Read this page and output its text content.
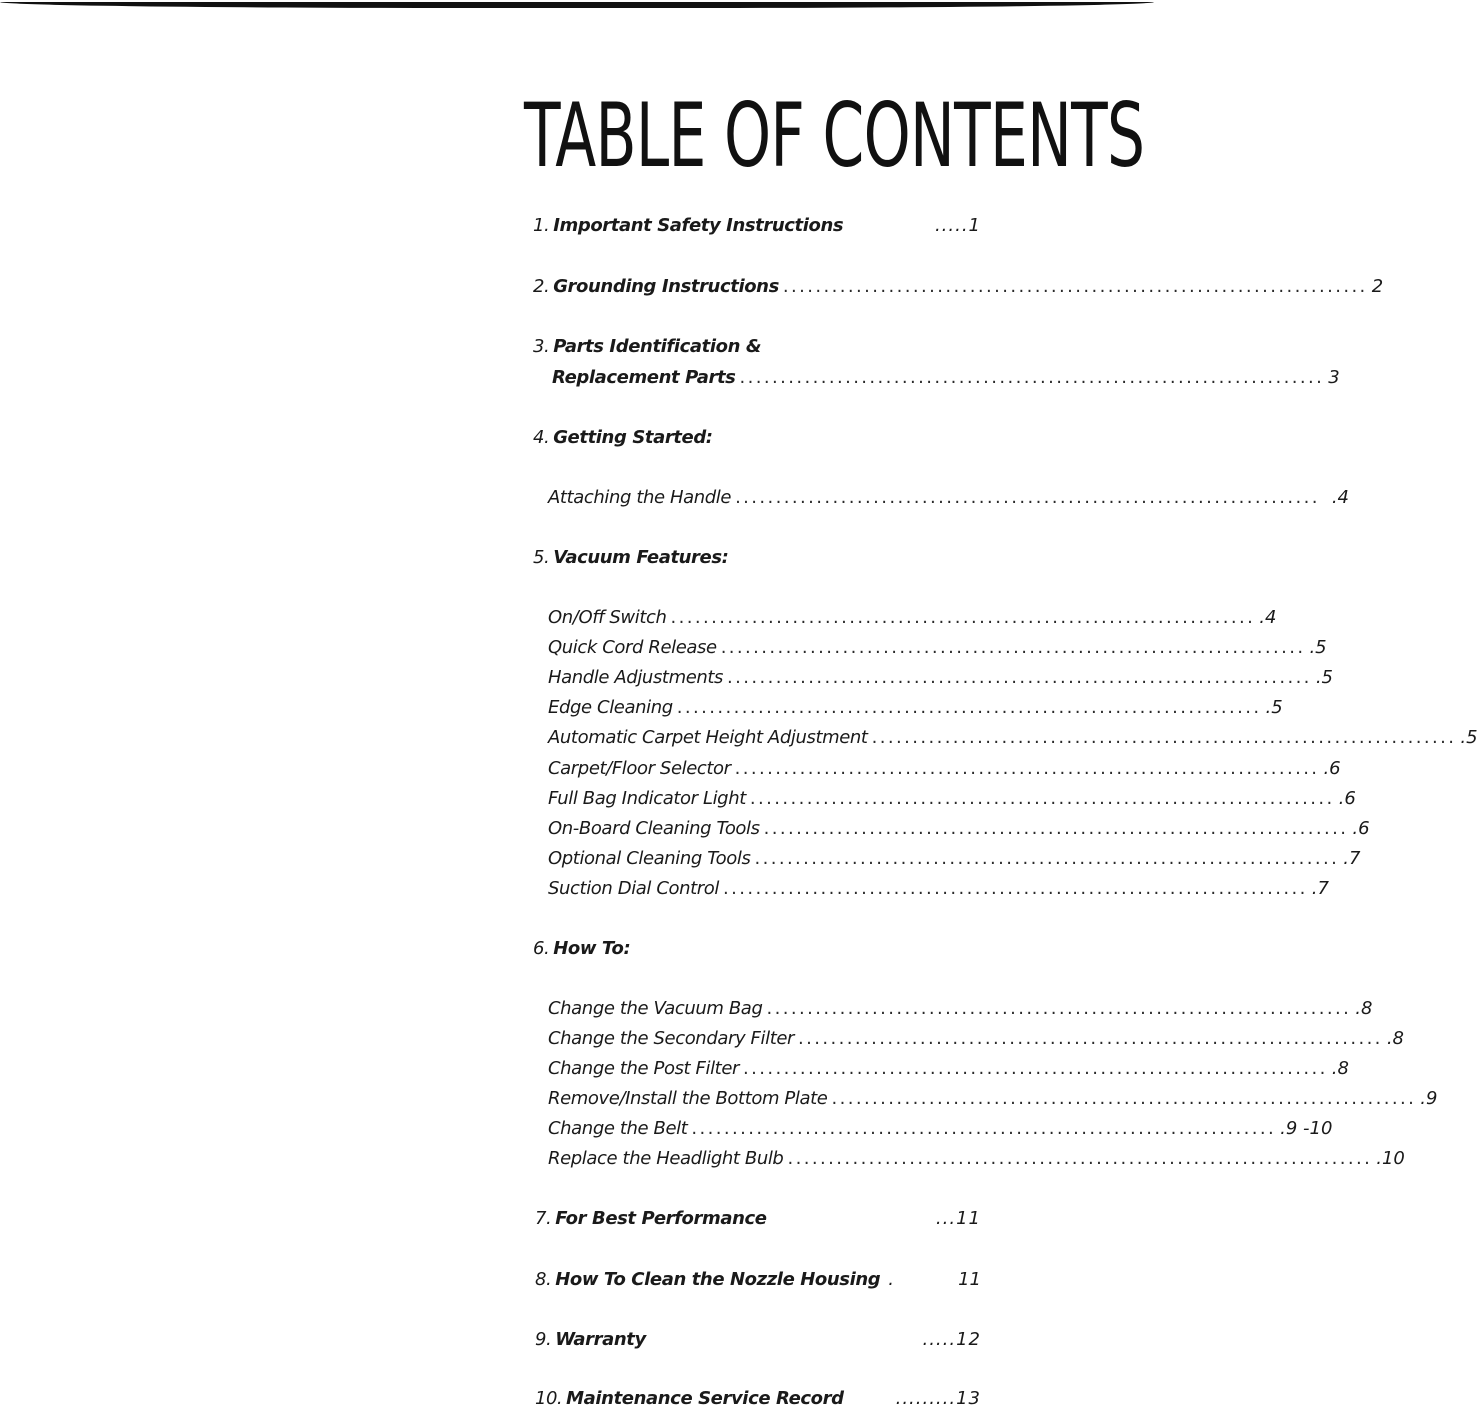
TABLE OF CONTENTS
1. Important Safety Instructions	.....1
2. Grounding Instructions ........................................................................ 2
3. Parts Identification &
Replacement Parts ........................................................................ 3
4. Getting Started:
Attaching the Handle ........................................................................ .4
5. Vacuum Features:
On/Off Switch ........................................................................ .4
Quick Cord Release ........................................................................ .5
Handle Adjustments ........................................................................ .5
Edge Cleaning ........................................................................ .5
Automatic Carpet Height Adjustment ........................................................................ .5
Carpet/Floor Selector ........................................................................ .6
Full Bag Indicator Light ........................................................................ .6
On-Board Cleaning Tools ........................................................................ .6
Optional Cleaning Tools ........................................................................ .7
Suction Dial Control ........................................................................ .7
6. How To:
Change the Vacuum Bag ........................................................................ .8
Change the Secondary Filter ........................................................................ .8
Change the Post Filter ........................................................................ .8
Remove/Install the Bottom Plate ........................................................................ .9
Change the Belt ........................................................................ .9 -10
Replace the Headlight Bulb ........................................................................ .10
7. For Best Performance	...11
8. How To Clean the Nozzle Housing .	11
9. Warranty	.....12
10. Maintenance Service Record	.........13
